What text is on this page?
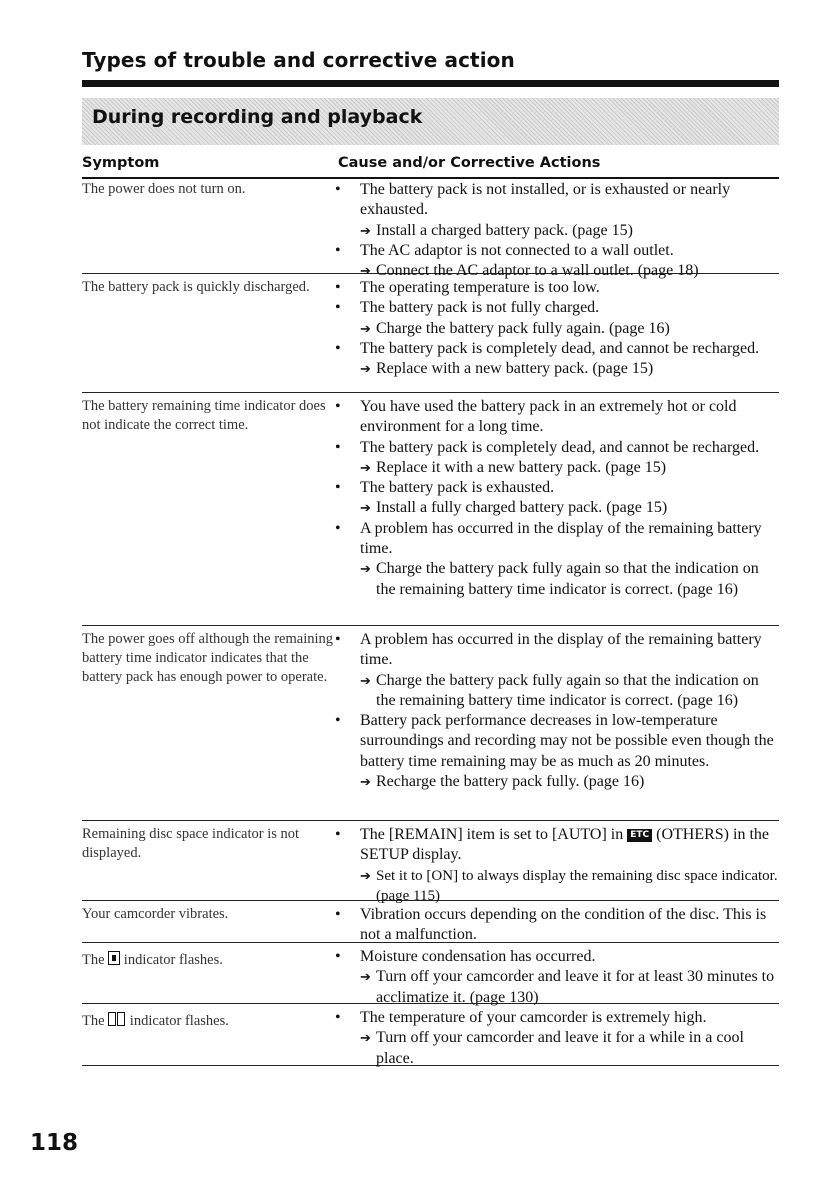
Types of trouble and corrective action
During recording and playback
Symptom	Cause and/or Corrective Actions
The power does not turn on.	• The battery pack is not installed, or is exhausted or nearly exhausted.
➔ Install a charged battery pack. (page 15)
• The AC adaptor is not connected to a wall outlet.
➔ Connect the AC adaptor to a wall outlet. (page 18)
The battery pack is quickly discharged.	• The operating temperature is too low.
• The battery pack is not fully charged.
➔ Charge the battery pack fully again. (page 16)
• The battery pack is completely dead, and cannot be recharged.
➔ Replace with a new battery pack. (page 15)
The battery remaining time indicator does not indicate the correct time.
• You have used the battery pack in an extremely hot or cold environment for a long time.
• The battery pack is completely dead, and cannot be recharged.
➔ Replace it with a new battery pack. (page 15)
• The battery pack is exhausted.
➔ Install a fully charged battery pack. (page 15)
• A problem has occurred in the display of the remaining battery time.
➔ Charge the battery pack fully again so that the indication on the remaining battery time indicator is correct. (page 16)
The power goes off although the remaining battery time indicator indicates that the battery pack has enough power to operate.
• A problem has occurred in the display of the remaining battery time.
➔ Charge the battery pack fully again so that the indication on the remaining battery time indicator is correct. (page 16)
• Battery pack performance decreases in low-temperature surroundings and recording may not be possible even though the battery time remaining may be as much as 20 minutes.
➔ Recharge the battery pack fully. (page 16)
Remaining disc space indicator is not displayed.
• The [REMAIN] item is set to [AUTO] in ETC (OTHERS) in the SETUP display.
➔ Set it to [ON] to always display the remaining disc space indicator. (page 115)
Your camcorder vibrates.	• Vibration occurs depending on the condition of the disc. This is not a malfunction.
The  indicator flashes.	• Moisture condensation has occurred.
➔ Turn off your camcorder and leave it for at least 30 minutes to acclimatize it. (page 130)
The  indicator flashes.	• The temperature of your camcorder is extremely high.
➔ Turn off your camcorder and leave it for a while in a cool place.
118
